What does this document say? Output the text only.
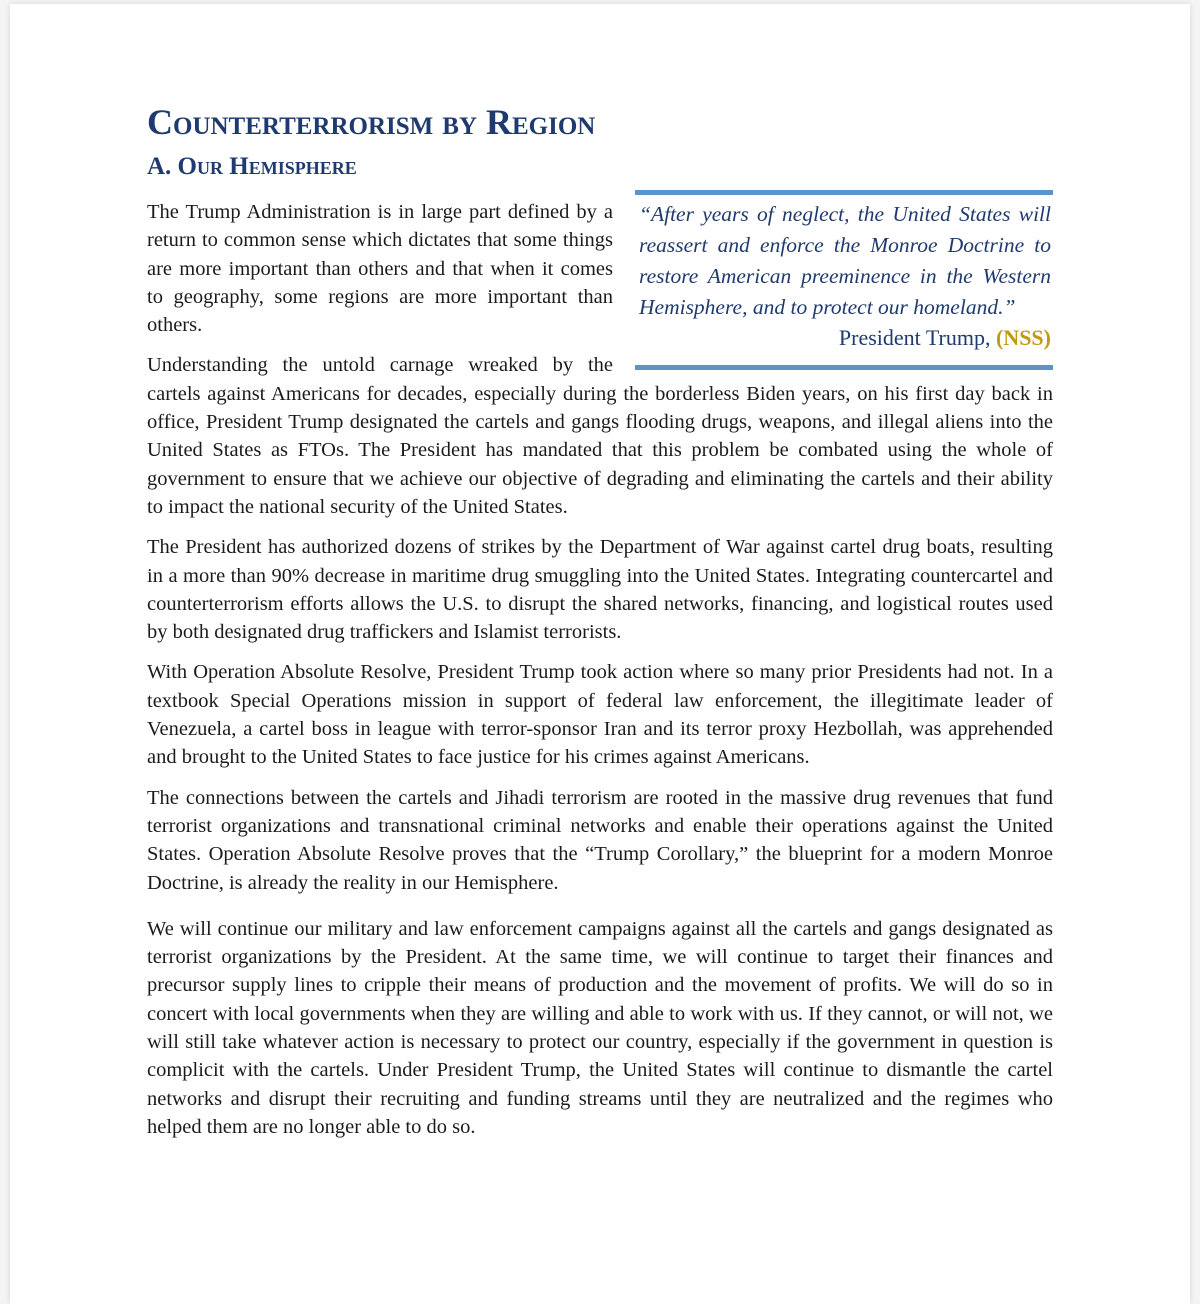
Counterterrorism by Region
A. Our Hemisphere
“After years of neglect, the United States will reassert and enforce the Monroe Doctrine to restore American preeminence in the Western Hemisphere, and to protect our homeland.”
President Trump, (NSS)

The Trump Administration is in large part defined by a return to common sense which dictates that some things are more important than others and that when it comes to geography, some regions are more important than others.

Understanding the untold carnage wreaked by the cartels against Americans for decades, especially during the borderless Biden years, on his first day back in office, President Trump designated the cartels and gangs flooding drugs, weapons, and illegal aliens into the United States as FTOs. The President has mandated that this problem be combated using the whole of government to ensure that we achieve our objective of degrading and eliminating the cartels and their ability to impact the national security of the United States.

The President has authorized dozens of strikes by the Department of War against cartel drug boats, resulting in a more than 90% decrease in maritime drug smuggling into the United States. Integrating countercartel and counterterrorism efforts allows the U.S. to disrupt the shared networks, financing, and logistical routes used by both designated drug traffickers and Islamist terrorists.

With Operation Absolute Resolve, President Trump took action where so many prior Presidents had not. In a textbook Special Operations mission in support of federal law enforcement, the illegitimate leader of Venezuela, a cartel boss in league with terror-sponsor Iran and its terror proxy Hezbollah, was apprehended and brought to the United States to face justice for his crimes against Americans.

The connections between the cartels and Jihadi terrorism are rooted in the massive drug revenues that fund terrorist organizations and transnational criminal networks and enable their operations against the United States. Operation Absolute Resolve proves that the “Trump Corollary,” the blueprint for a modern Monroe Doctrine, is already the reality in our Hemisphere.

We will continue our military and law enforcement campaigns against all the cartels and gangs designated as terrorist organizations by the President. At the same time, we will continue to target their finances and precursor supply lines to cripple their means of production and the movement of profits. We will do so in concert with local governments when they are willing and able to work with us. If they cannot, or will not, we will still take whatever action is necessary to protect our country, especially if the government in question is complicit with the cartels. Under President Trump, the United States will continue to dismantle the cartel networks and disrupt their recruiting and funding streams until they are neutralized and the regimes who helped them are no longer able to do so.
